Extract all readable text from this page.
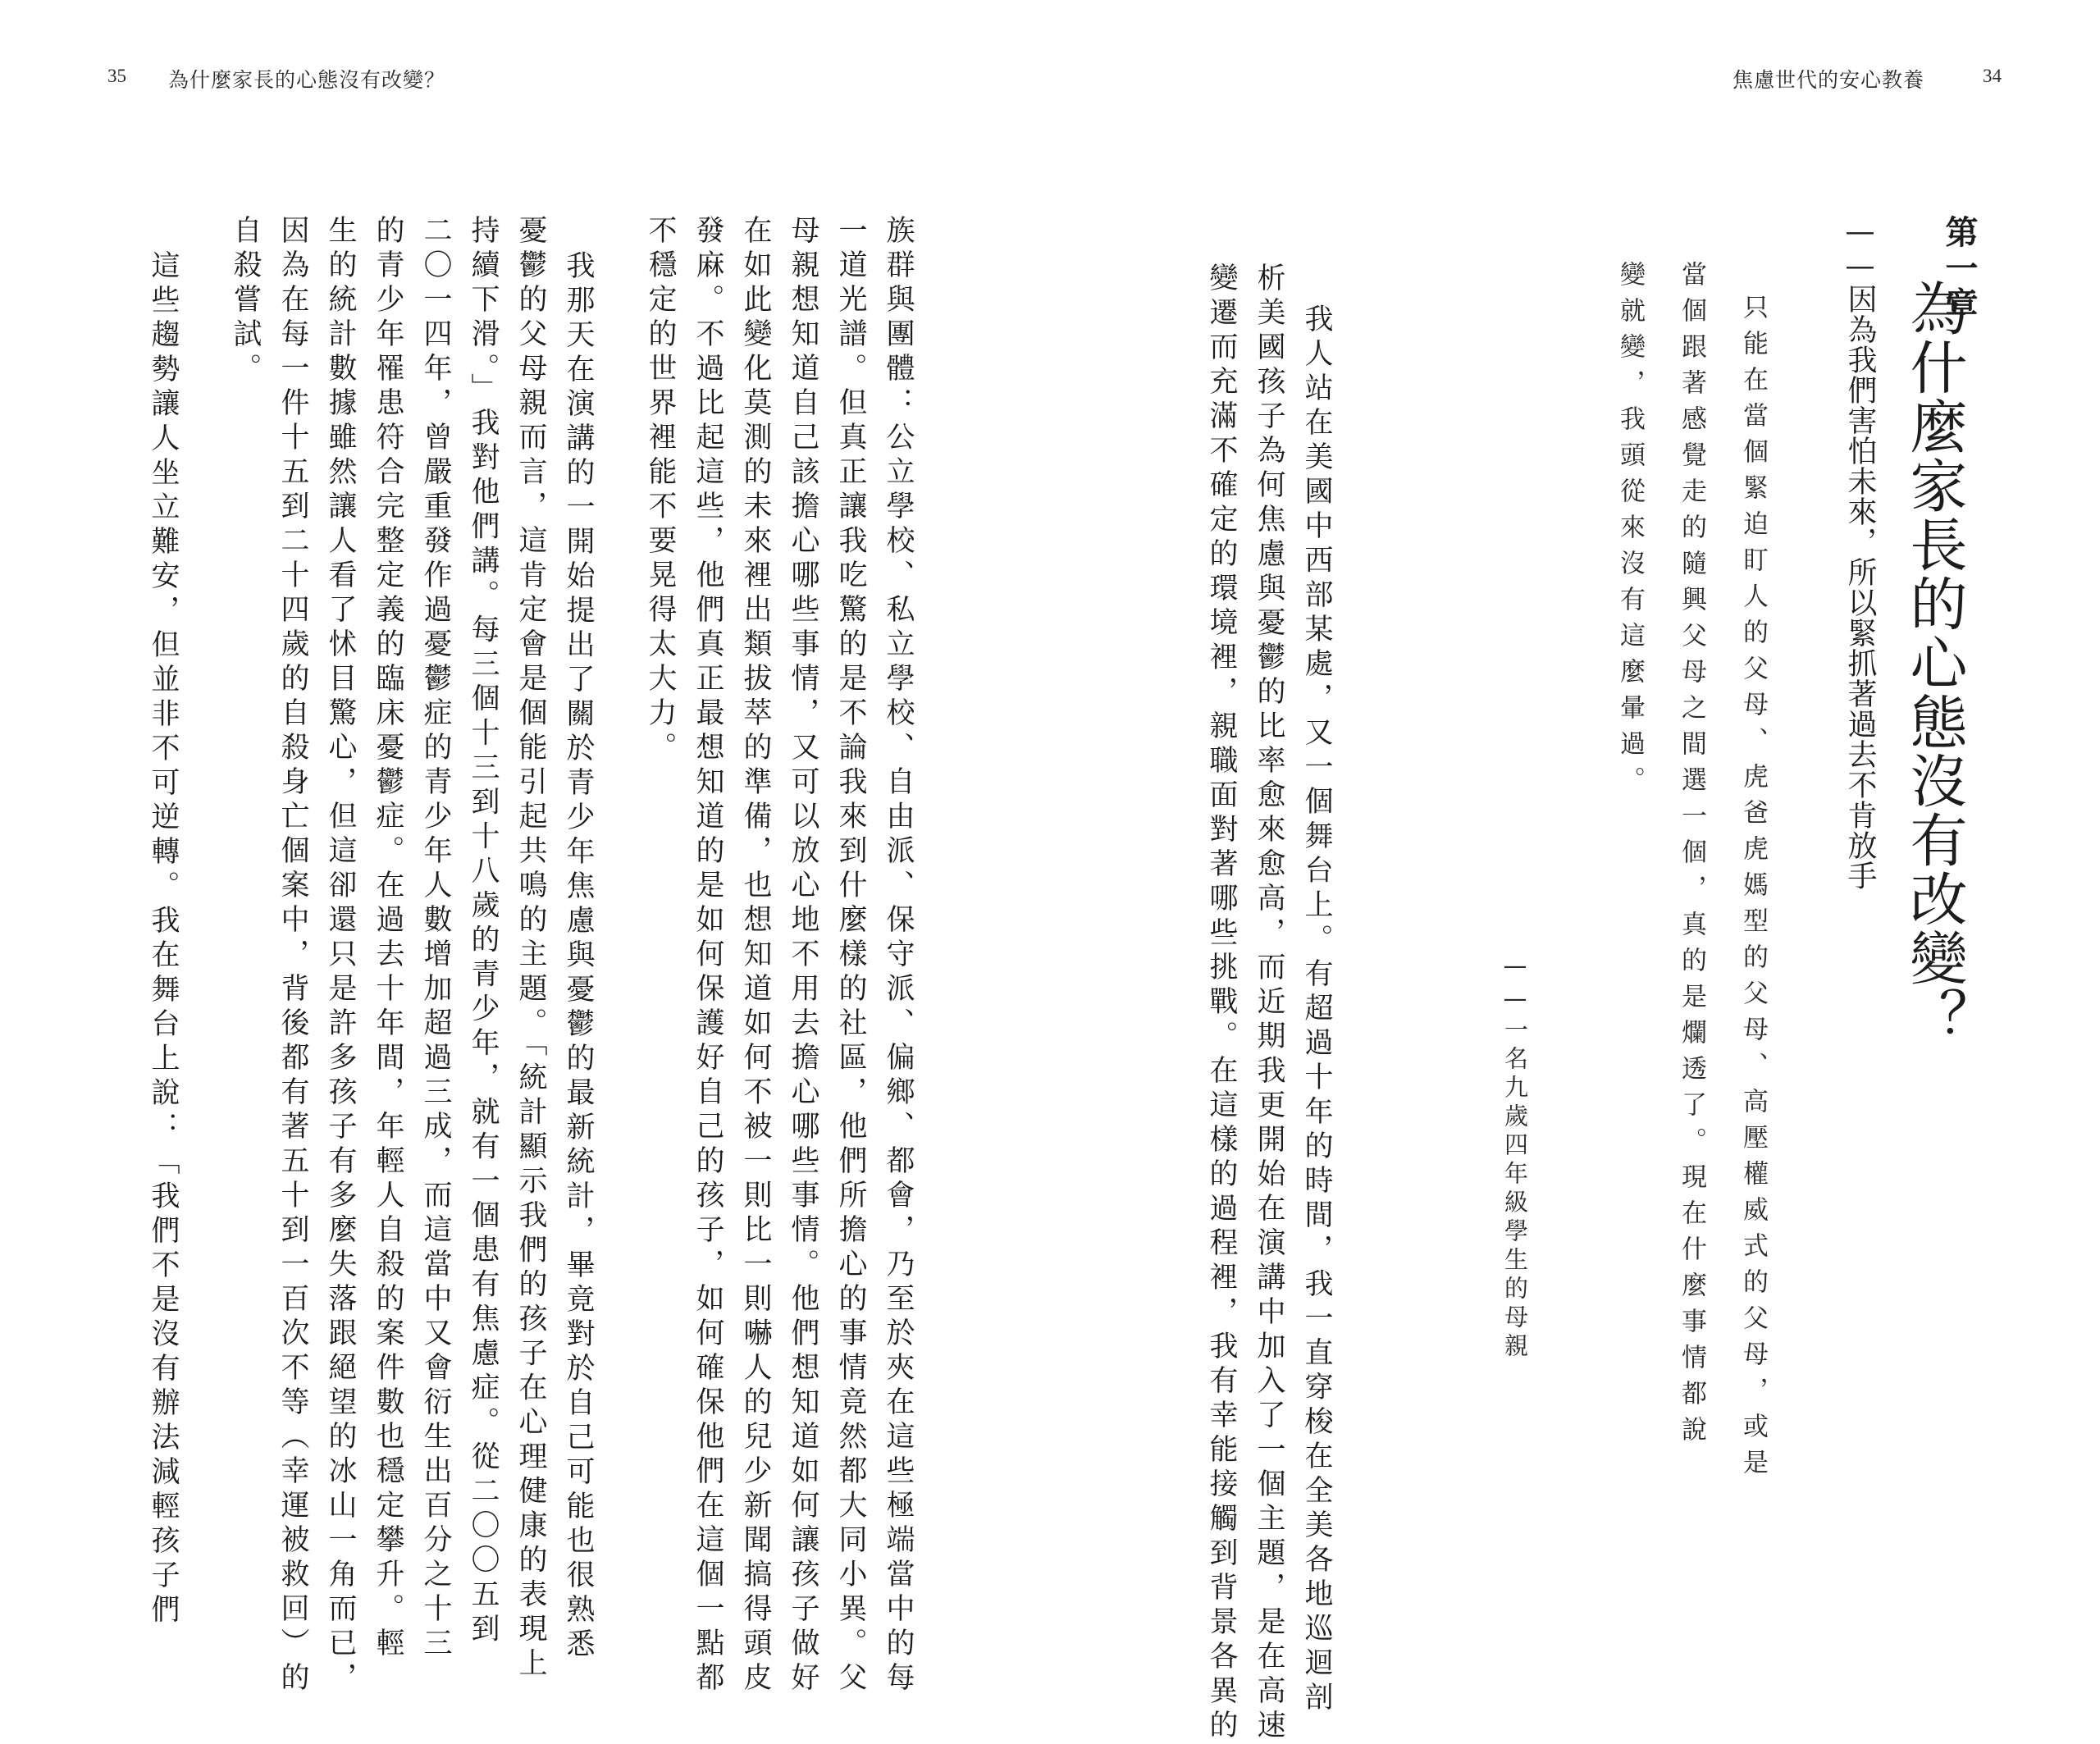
35 為什麼家長的心態沒有改變？
族群與團體：公立學校、私立學校、自由派、保守派、偏鄉、都會，乃至於夾在這些極端當中的每
一道光譜。但真正讓我吃驚的是不論我來到什麼樣的社區，他們所擔心的事情竟然都大同小異。父
母親想知道自己該擔心哪些事情，又可以放心地不用去擔心哪些事情。他們想知道如何讓孩子做好
在如此變化莫測的未來裡出類拔萃的準備，也想知道如何不被一則比一則嚇人的兒少新聞搞得頭皮
發麻。不過比起這些，他們真正最想知道的是如何保護好自己的孩子，如何確保他們在這個一點都
不穩定的世界裡能不要晃得太大力。
我那天在演講的一開始提出了關於青少年焦慮與憂鬱的最新統計，畢竟對於自己可能也很熟悉
憂鬱的父母親而言，這肯定會是個能引起共鳴的主題。「統計顯示我們的孩子在心理健康的表現上
持續下滑。」我對他們講。每三個十三到十八歲的青少年，就有一個患有焦慮症。從二〇〇五到
二〇一四年，曾嚴重發作過憂鬱症的青少年人數增加超過三成，而這當中又會衍生出百分之十三
的青少年罹患符合完整定義的臨床憂鬱症。在過去十年間，年輕人自殺的案件數也穩定攀升。輕
生的統計數據雖然讓人看了怵目驚心，但這卻還只是許多孩子有多麼失落跟絕望的冰山一角而已，
因為在每一件十五到二十四歲的自殺身亡個案中，背後都有著五十到一百次不等（幸運被救回）的
自殺嘗試。
這些趨勢讓人坐立難安，但並非不可逆轉。我在舞台上說：「我們不是沒有辦法減輕孩子們
焦慮世代的安心教養	34
第一章
為什麼家長的心態沒有改變？
——因為我們害怕未來，所以緊抓著過去不肯放手
只能在當個緊迫盯人的父母、虎爸虎媽型的父母、高壓權威式的父母，或是
當個跟著感覺走的隨興父母之間選一個，真的是爛透了。現在什麼事情都說
變就變，我頭從來沒有這麼暈過。
——一名九歲四年級學生的母親
我人站在美國中西部某處，又一個舞台上。有超過十年的時間，我一直穿梭在全美各地巡迴剖
析美國孩子為何焦慮與憂鬱的比率愈來愈高，而近期我更開始在演講中加入了一個主題，是在高速
變遷而充滿不確定的環境裡，親職面對著哪些挑戰。在這樣的過程裡，我有幸能接觸到背景各異的
